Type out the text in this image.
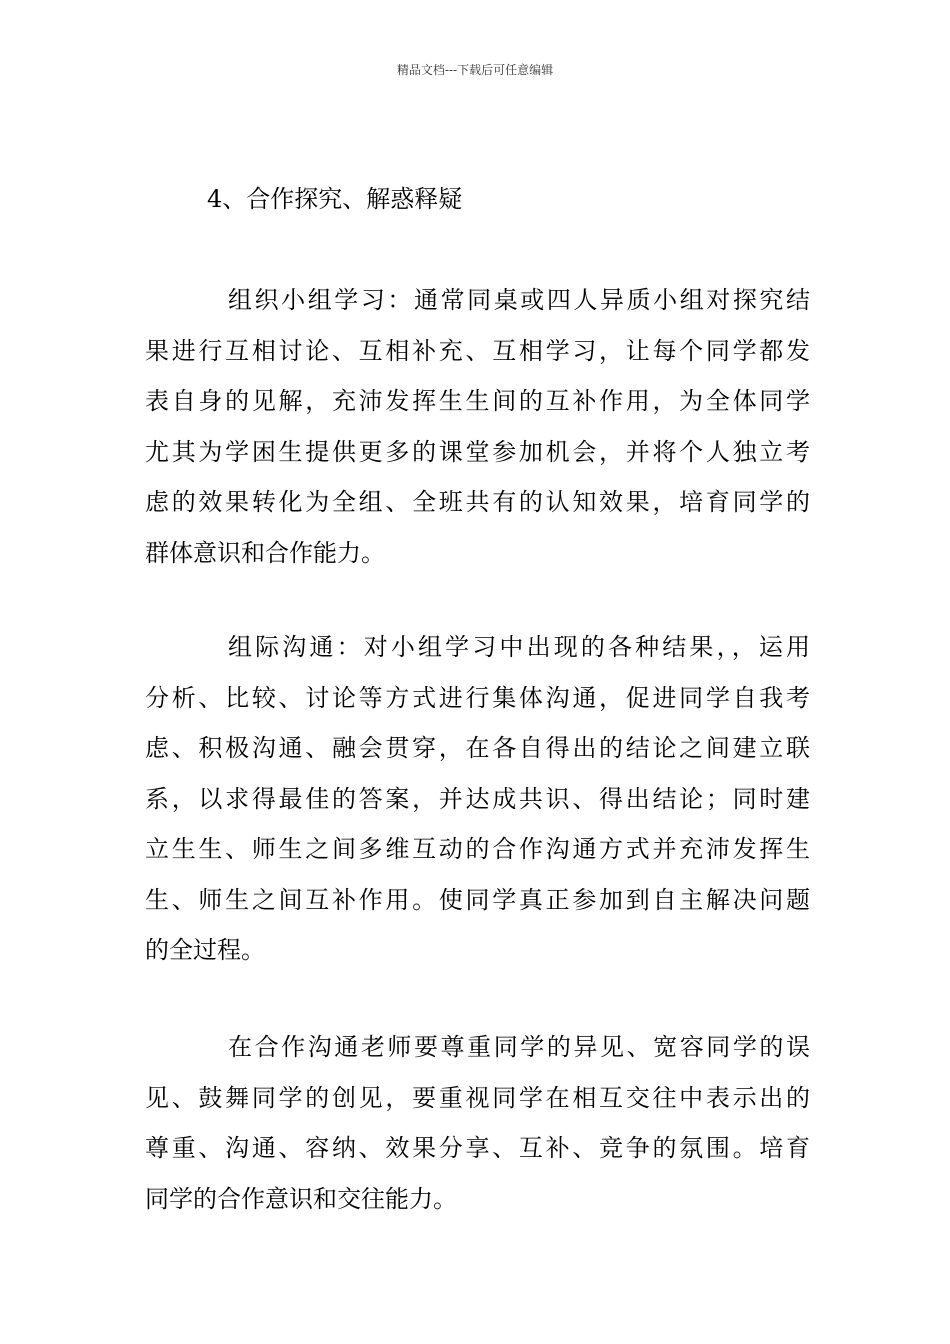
精品文档---下载后可任意编辑
4、合作探究、解惑释疑
组织小组学习：通常同桌或四人异质小组对探究结
果进行互相讨论、互相补充、互相学习，让每个同学都发
表自身的见解，充沛发挥生生间的互补作用，为全体同学
尤其为学困生提供更多的课堂参加机会，并将个人独立考
虑的效果转化为全组、全班共有的认知效果，培育同学的
群体意识和合作能力。
组际沟通：对小组学习中出现的各种结果，，运用
分析、比较、讨论等方式进行集体沟通，促进同学自我考
虑、积极沟通、融会贯穿，在各自得出的结论之间建立联
系，以求得最佳的答案，并达成共识、得出结论；同时建
立生生、师生之间多维互动的合作沟通方式并充沛发挥生
生、师生之间互补作用。使同学真正参加到自主解决问题
的全过程。
在合作沟通老师要尊重同学的异见、宽容同学的误
见、鼓舞同学的创见，要重视同学在相互交往中表示出的
尊重、沟通、容纳、效果分享、互补、竞争的氛围。培育
同学的合作意识和交往能力。
